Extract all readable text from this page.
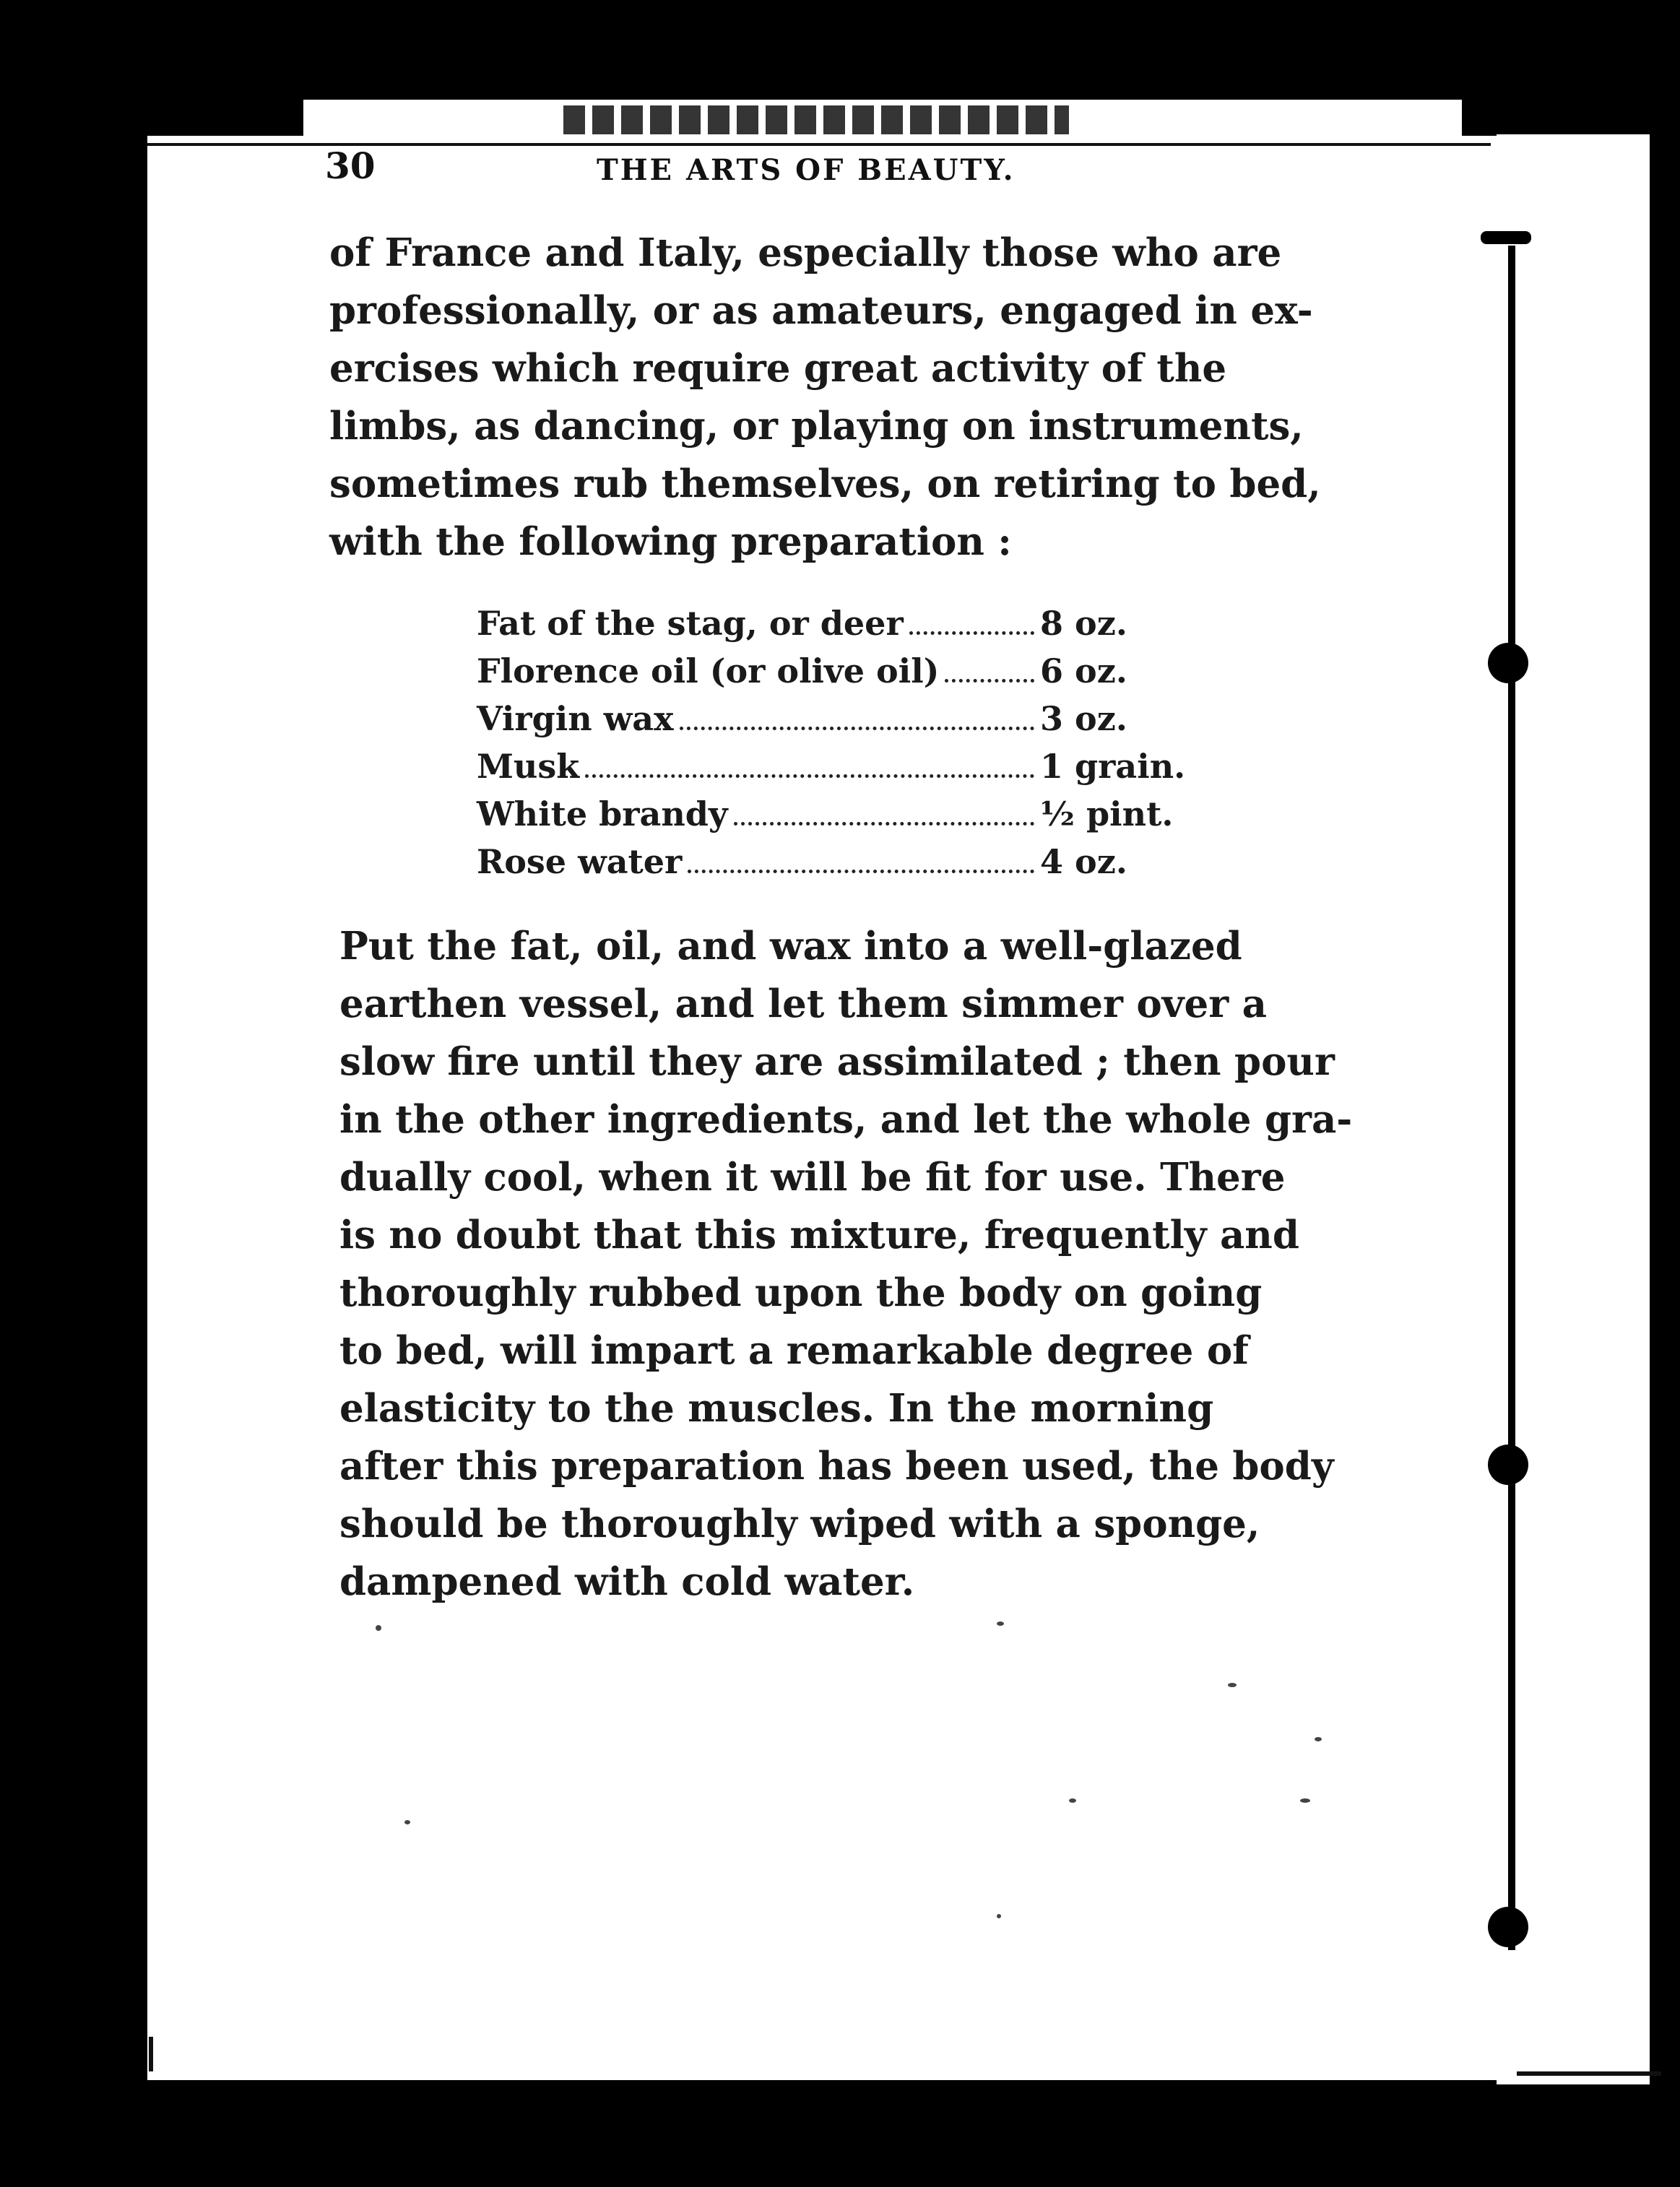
30	THE ARTS OF BEAUTY.

of France and Italy, especially those who are
professionally, or as amateurs, engaged in ex-
ercises which require great activity of the
limbs, as dancing, or playing on instruments,
sometimes rub themselves, on retiring to bed,
with the following preparation :

Fat of the stag, or deer	8 oz.
Florence oil (or olive oil)	6 oz.
Virgin wax	3 oz.
Musk	1 grain.
White brandy	½ pint.
Rose water	4 oz.

Put the fat, oil, and wax into a well-glazed
earthen vessel, and let them simmer over a
slow fire until they are assimilated ; then pour
in the other ingredients, and let the whole gra-
dually cool, when it will be fit for use. There
is no doubt that this mixture, frequently and
thoroughly rubbed upon the body on going
to bed, will impart a remarkable degree of
elasticity to the muscles. In the morning
after this preparation has been used, the body
should be thoroughly wiped with a sponge,
dampened with cold water.
